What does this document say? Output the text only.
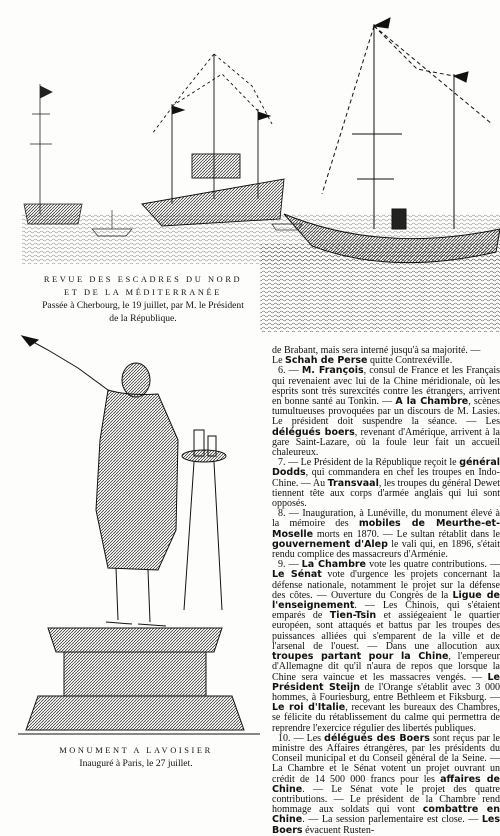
REVUE DES ESCADRES DU NORD
ET DE LA MÉDITERRANÉE
Passée à Cherbourg, le 19 juillet, par M. le Président
de la République.
MONUMENT A LAVOISIER
Inauguré à Paris, le 27 juillet.

de Brabant, mais sera interné jusqu'à sa majorité. —
Le Schah de Perse quitte Contrexéville.

6. — M. François, consul de France et les Français qui revenaient avec lui de la Chine méridionale, où les esprits sont très surexcités contre les étrangers, arrivent en bonne santé au Tonkin. — A la Chambre, scènes tumultueuses provoquées par un discours de M. Lasies. Le président doit suspendre la séance. — Les délégués boers, revenant d'Amérique, arrivent à la gare Saint-Lazare, où la foule leur fait un accueil chaleureux.

7. — Le Président de la République reçoit le général Dodds, qui commandera en chef les troupes en Indo-Chine. — Au Transvaal, les troupes du général Dewet tiennent tête aux corps d'armée anglais qui lui sont opposés.

8. — Inauguration, à Lunéville, du monument élevé à la mémoire des mobiles de Meurthe-et-Moselle morts en 1870. — Le sultan rétablit dans le gouvernement d'Alep le vali qui, en 1896, s'était rendu complice des massacreurs d'Arménie.

9. — La Chambre vote les quatre contributions. — Le Sénat vote d'urgence les projets concernant la défense nationale, notamment le projet sur la défense des côtes. — Ouverture du Congrès de la Ligue de l'enseignement. — Les Chinois, qui s'étaient emparés de Tien-Tsin et assiégeaient le quartier européen, sont attaqués et battus par les troupes des puissances alliées qui s'emparent de la ville et de l'arsenal de l'ouest. — Dans une allocution aux troupes partant pour la Chine, l'empereur d'Allemagne dit qu'il n'aura de repos que lorsque la Chine sera vaincue et les massacres vengés. — Le Président Steijn de l'Orange s'établit avec 3 000 hommes, à Fouriesburg, entre Bethleem et Fiksburg. — Le roi d'Italie, recevant les bureaux des Chambres, se félicite du rétablissement du calme qui permettra de reprendre l'exercice régulier des libertés publiques.

10. — Les délégués des Boers sont reçus par le ministre des Affaires étrangères, par les présidents du Conseil municipal et du Conseil général de la Seine. — La Chambre et le Sénat votent un projet ouvrant un crédit de 14 500 000 francs pour les affaires de Chine. — Le Sénat vote le projet des quatre contributions. — Le président de la Chambre rend hommage aux soldats qui vont combattre en Chine. — La session parlementaire est close. — Les Boers évacuent Rusten-
